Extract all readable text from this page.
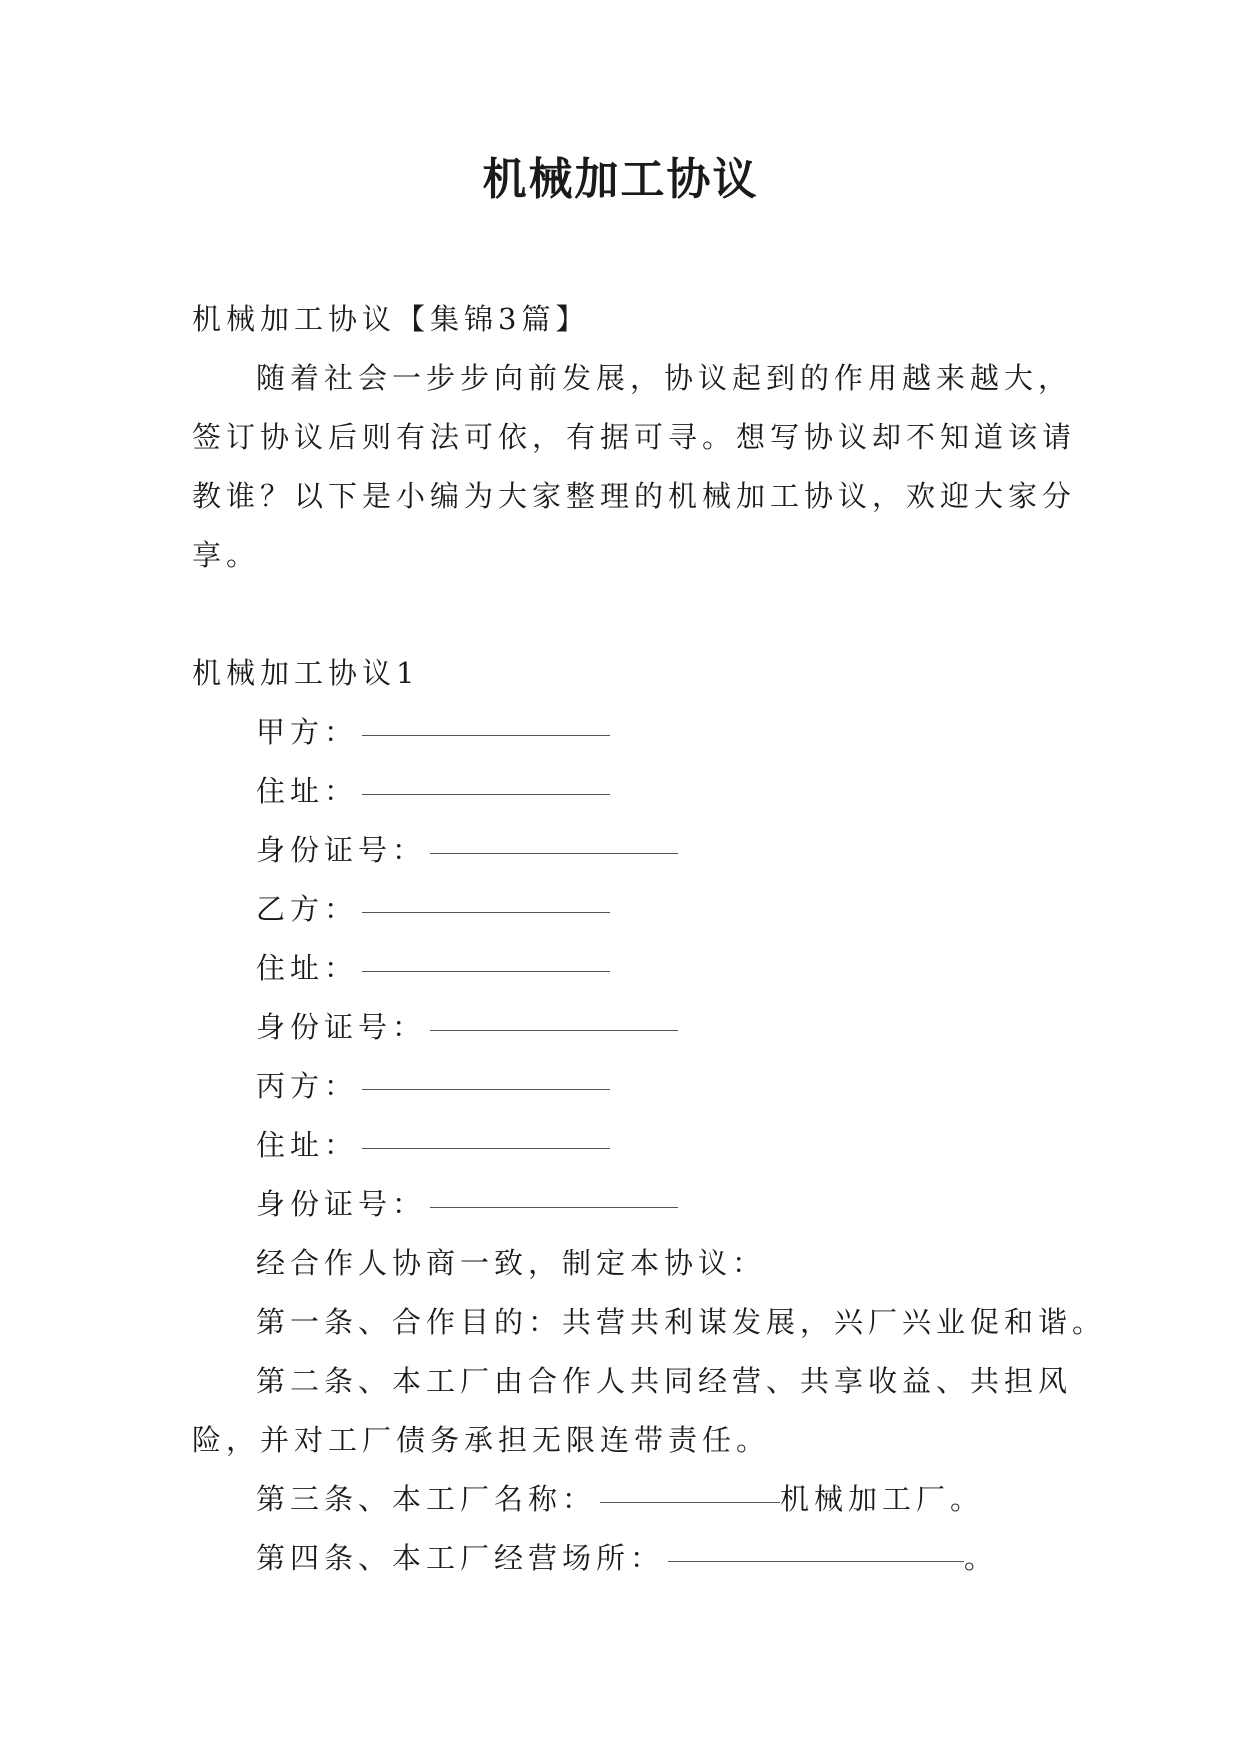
机械加工协议

机械加工协议【集锦3篇】

随着社会一步步向前发展，协议起到的作用越来越大，

签订协议后则有法可依，有据可寻。想写协议却不知道该请

教谁？以下是小编为大家整理的机械加工协议，欢迎大家分

享。

机械加工协议1

甲方：

住址：

身份证号：

乙方：

住址：

身份证号：

丙方：

住址：

身份证号：

经合作人协商一致，制定本协议：

第一条、合作目的：共营共利谋发展，兴厂兴业促和谐。

第二条、本工厂由合作人共同经营、共享收益、共担风

险，并对工厂债务承担无限连带责任。

第三条、本工厂名称：	机械加工厂。

第四条、本工厂经营场所：	。
